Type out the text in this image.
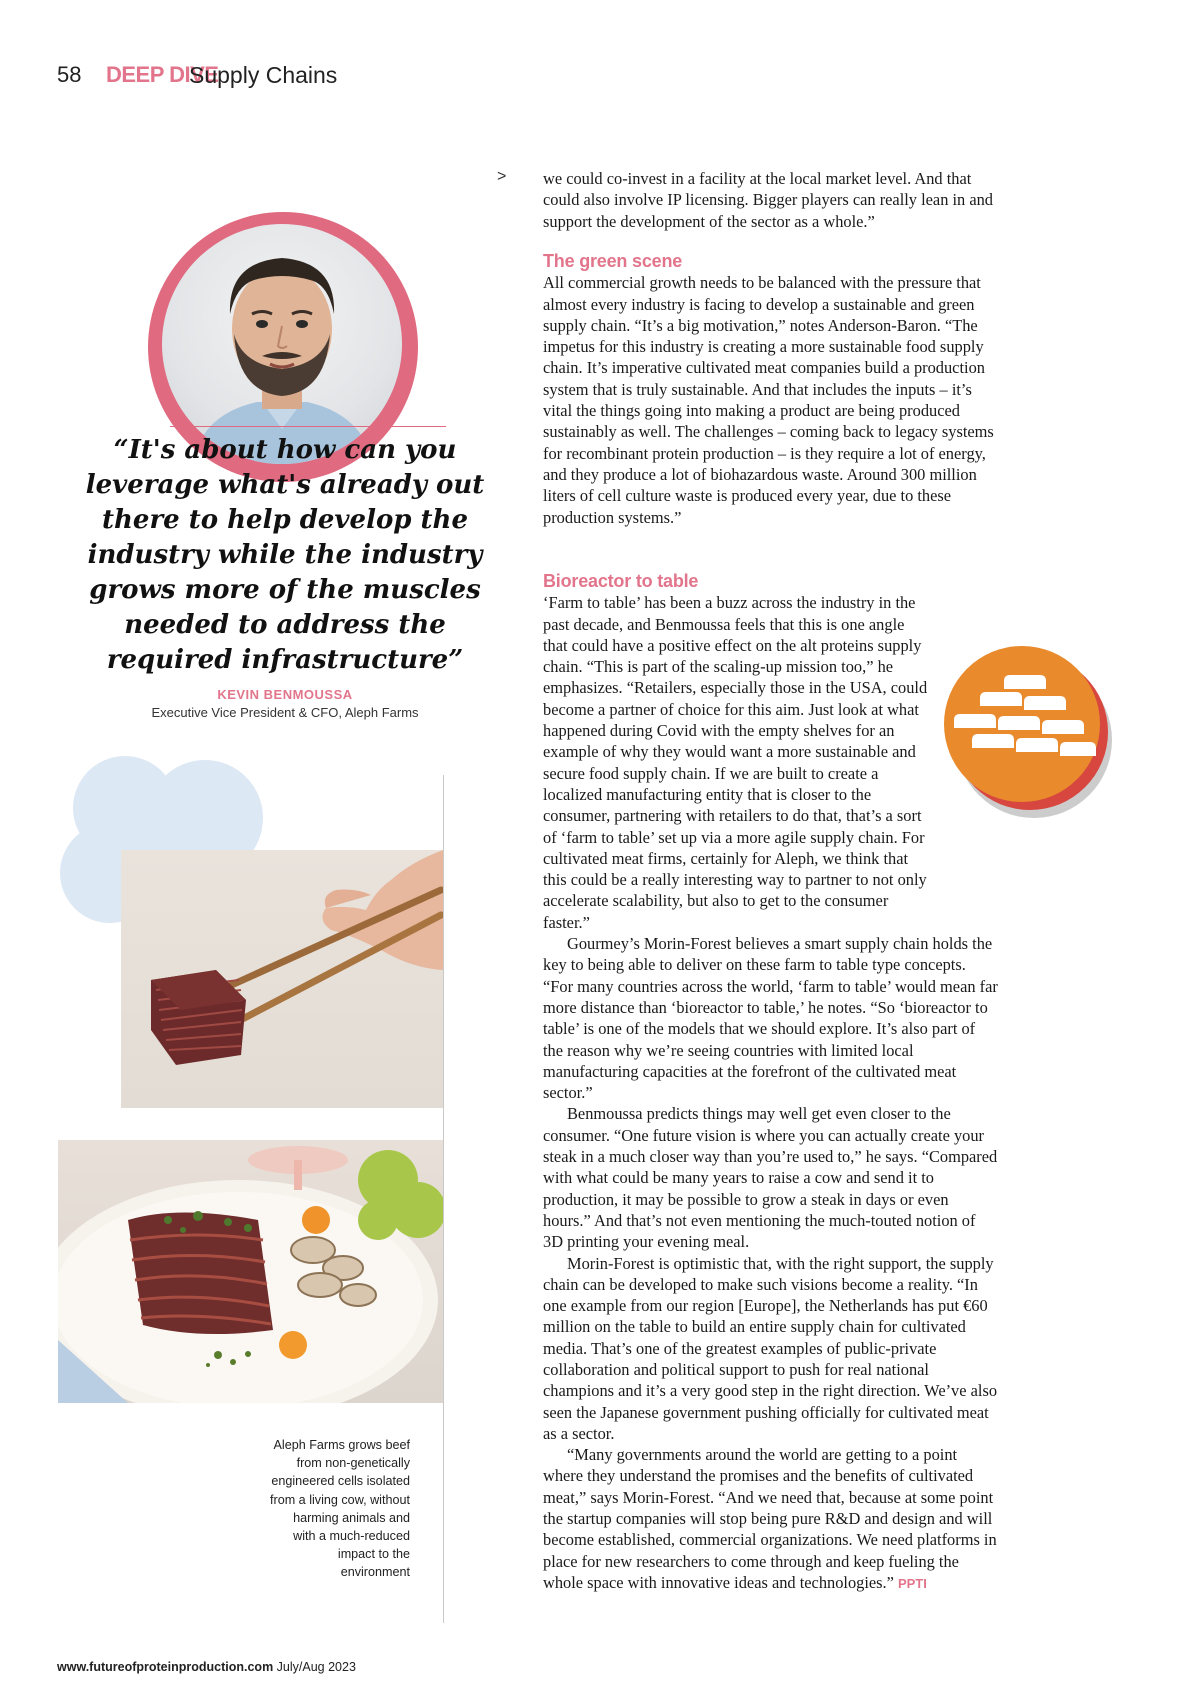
58 DEEP DIVE
Supply Chains
>
“It's about how can you leverage what's already out there to help develop the industry while the industry grows more of the muscles needed to address the required infrastructure”
KEVIN BENMOUSSA
Executive Vice President & CFO, Aleph Farms
Aleph Farms grows beef from non-genetically engineered cells isolated from a living cow, without harming animals and with a much-reduced impact to the environment

we could co-invest in a facility at the local market level. And that could also involve IP licensing. Bigger players can really lean in and support the development of the sector as a whole.”

The green scene

All commercial growth needs to be balanced with the pressure that almost every industry is facing to develop a sustainable and green supply chain. “It’s a big motivation,” notes Anderson-Baron. “The impetus for this industry is creating a more sustainable food supply chain. It’s imperative cultivated meat companies build a production system that is truly sustainable. And that includes the inputs – it’s vital the things going into making a product are being produced sustainably as well. The challenges – coming back to legacy systems for recombinant protein production – is they require a lot of energy, and they produce a lot of biohazardous waste. Around 300 million liters of cell culture waste is produced every year, due to these production systems.”

Bioreactor to table

‘Farm to table’ has been a buzz across the industry in the past decade, and Benmoussa feels that this is one angle that could have a positive effect on the alt proteins supply chain. “This is part of the scaling-up mission too,” he emphasizes. “Retailers, especially those in the USA, could become a partner of choice for this aim. Just look at what happened during Covid with the empty shelves for an example of why they would want a more sustainable and secure food supply chain. If we are built to create a localized manufacturing entity that is closer to the consumer, partnering with retailers to do that, that’s a sort of ‘farm to table’ set up via a more agile supply chain. For cultivated meat firms, certainly for Aleph, we think that this could be a really interesting way to partner to not only accelerate scalability, but also to get to the consumer faster.”

Gourmey’s Morin-Forest believes a smart supply chain holds the key to being able to deliver on these farm to table type concepts. “For many countries across the world, ‘farm to table’ would mean far more distance than ‘bioreactor to table,’ he notes. “So ‘bioreactor to table’ is one of the models that we should explore. It’s also part of the reason why we’re seeing countries with limited local manufacturing capacities at the forefront of the cultivated meat sector.”

Benmoussa predicts things may well get even closer to the consumer. “One future vision is where you can actually create your steak in a much closer way than you’re used to,” he says. “Compared with what could be many years to raise a cow and send it to production, it may be possible to grow a steak in days or even hours.” And that’s not even mentioning the much-touted notion of 3D printing your evening meal.

Morin-Forest is optimistic that, with the right support, the supply chain can be developed to make such visions become a reality. “In one example from our region [Europe], the Netherlands has put €60 million on the table to build an entire supply chain for cultivated media. That’s one of the greatest examples of public-private collaboration and political support to push for real national champions and it’s a very good step in the right direction. We’ve also seen the Japanese government pushing officially for cultivated meat as a sector.

“Many governments around the world are getting to a point where they understand the promises and the benefits of cultivated meat,” says Morin-Forest. “And we need that, because at some point the startup companies will stop being pure R&D and design and will become established, commercial organizations. We need platforms in place for new researchers to come through and keep fueling the whole space with innovative ideas and technologies.” PPTI

www.futureofproteinproduction.com July/Aug 2023
